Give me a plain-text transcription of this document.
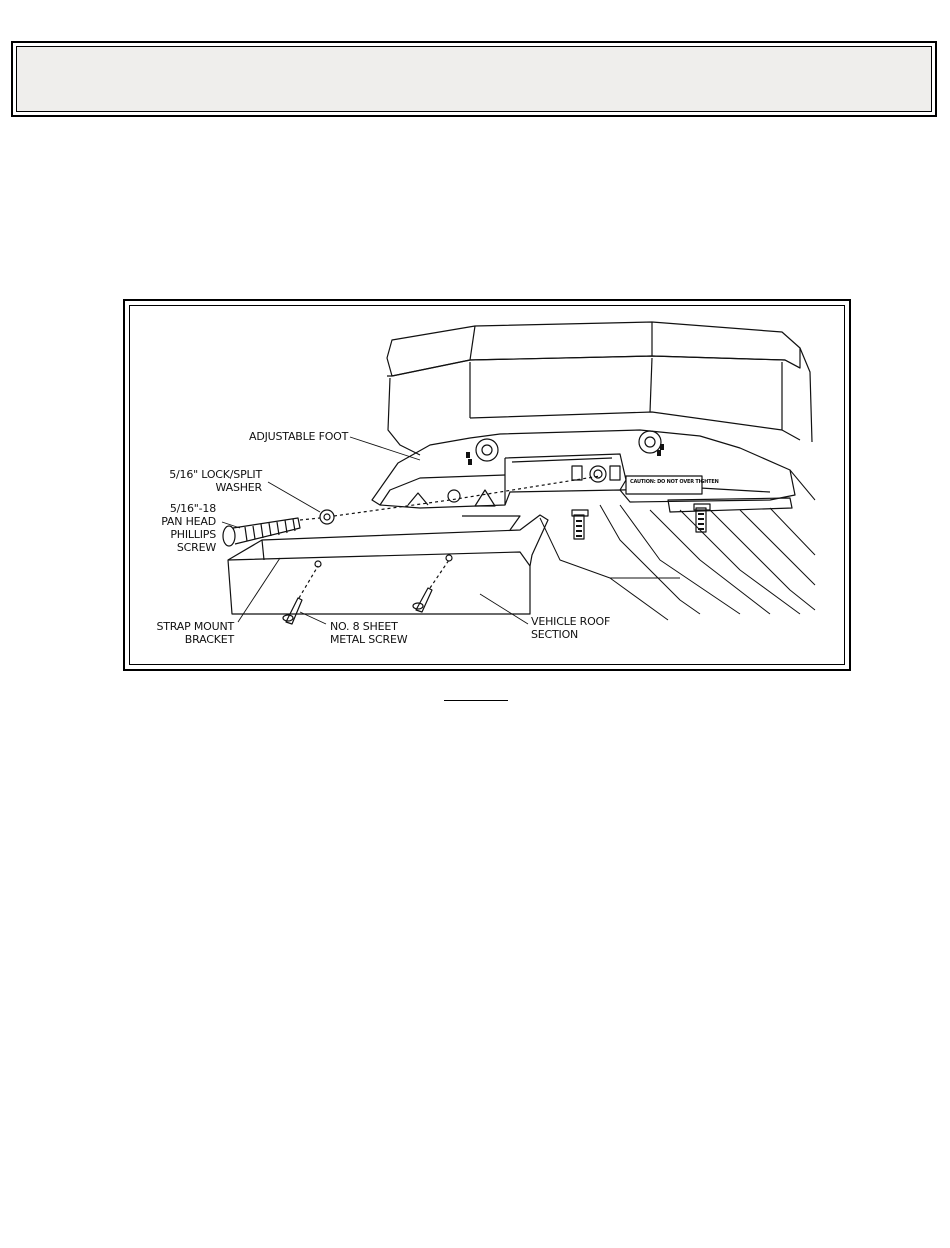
CAUTION: DO NOT OVER TIGHTEN
ADJUSTABLE FOOT
5/16" LOCK/SPLIT
WASHER
5/16"-18
PAN HEAD
PHILLIPS
SCREW
STRAP MOUNT
BRACKET
NO. 8 SHEET
METAL SCREW
VEHICLE ROOF
SECTION
